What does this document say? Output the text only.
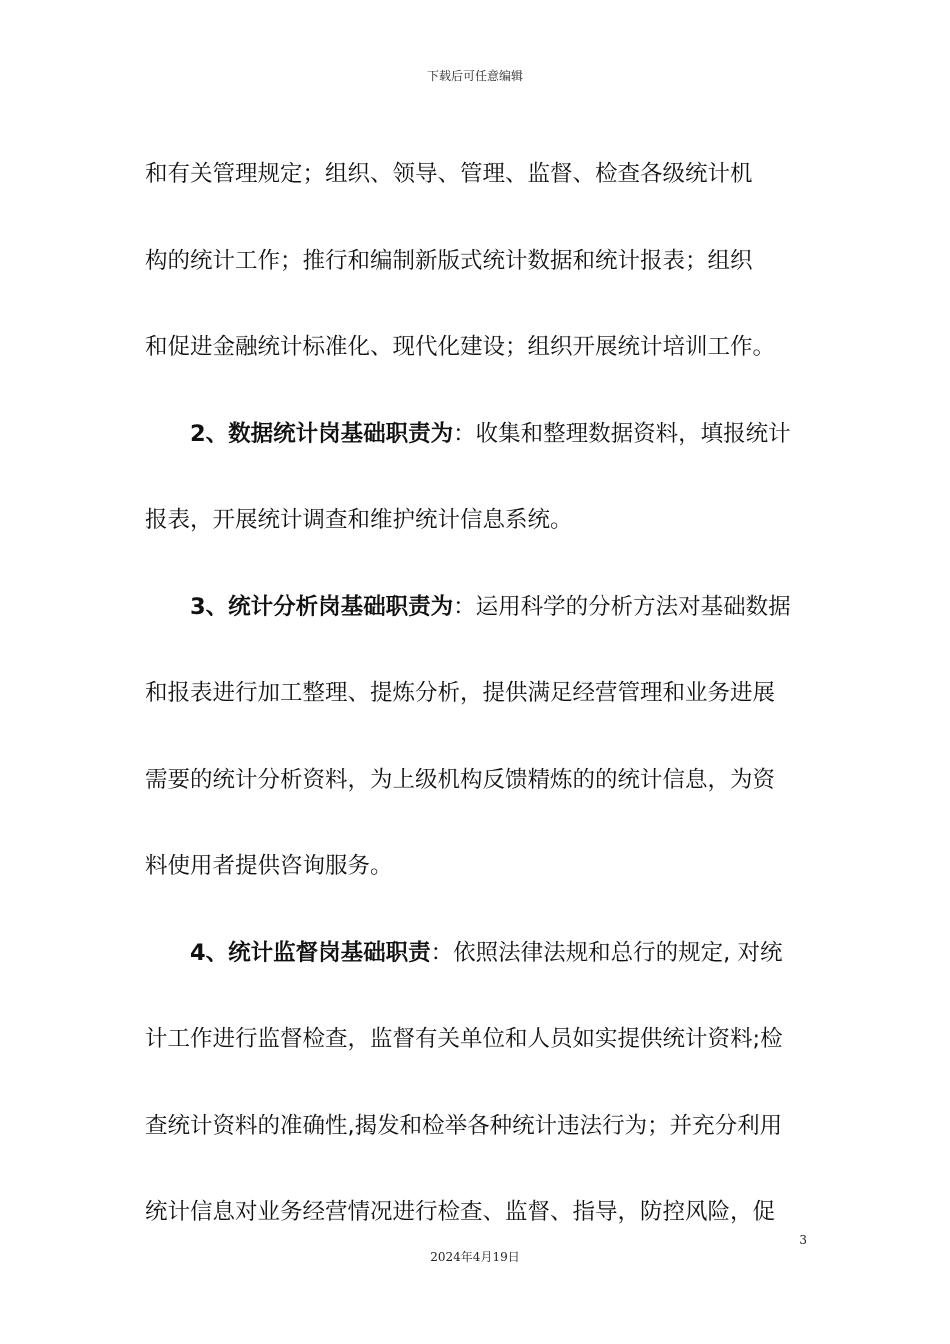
下载后可任意编辑

和有关管理规定；组织、领导、管理、监督、检查各级统计机
构的统计工作；推行和编制新版式统计数据和统计报表；组织
和促进金融统计标准化、现代化建设；组织开展统计培训工作。

2、数据统计岗基础职责为：收集和整理数据资料，填报统计
报表，开展统计调查和维护统计信息系统。

3、统计分析岗基础职责为：运用科学的分析方法对基础数据
和报表进行加工整理、提炼分析，提供满足经营管理和业务进展
需要的统计分析资料，为上级机构反馈精炼的的统计信息，为资
料使用者提供咨询服务。

4、统计监督岗基础职责：依照法律法规和总行的规定, 对统
计工作进行监督检查，监督有关单位和人员如实提供统计资料;检
查统计资料的准确性,揭发和检举各种统计违法行为；并充分利用
统计信息对业务经营情况进行检查、监督、指导，防控风险，促

3
2024年4月19日
